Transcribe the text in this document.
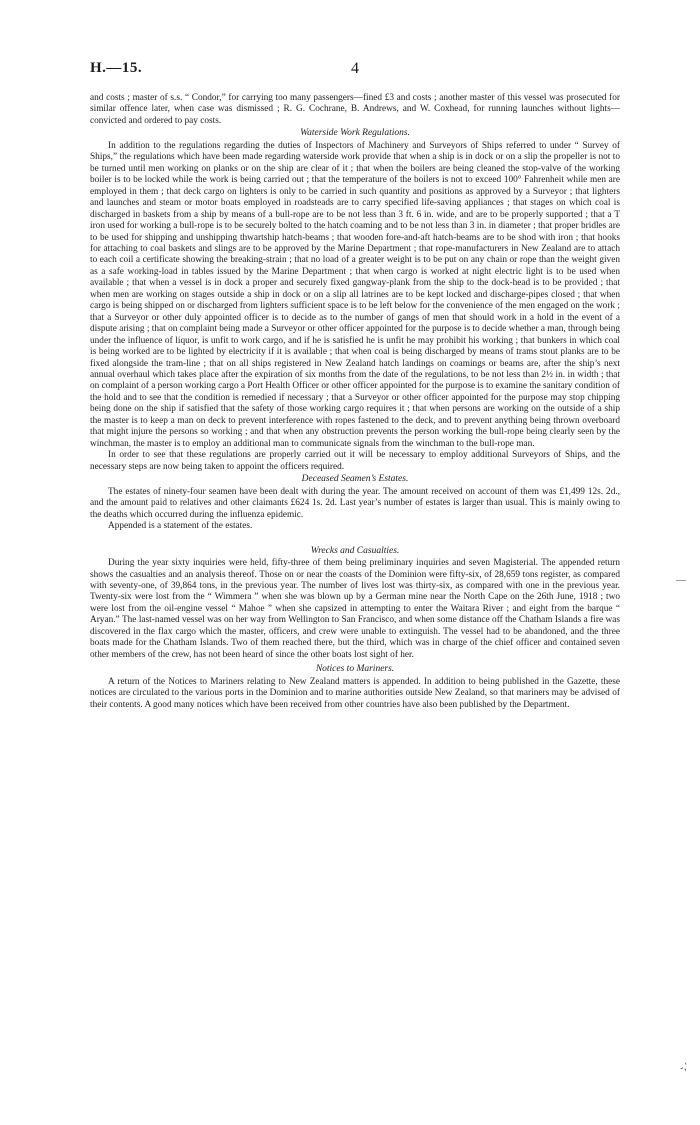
H.—15.	4

and costs ; master of s.s. “ Condor,” for carrying too many passengers—fined £3 and costs ; another master of this vessel was prosecuted for similar offence later, when case was dismissed ; R. G. Cochrane, B. Andrews, and W. Coxhead, for running launches without lights—convicted and ordered to pay costs.

Waterside Work Regulations.

In addition to the regulations regarding the duties of Inspectors of Machinery and Surveyors of Ships referred to under “ Survey of Ships,” the regulations which have been made regarding waterside work provide that when a ship is in dock or on a slip the propeller is not to be turned until men working on planks or on the ship are clear of it ; that when the boilers are being cleaned the stop-valve of the working boiler is to be locked while the work is being carried out ; that the temperature of the boilers is not to exceed 100° Fahrenheit while men are employed in them ; that deck cargo on lighters is only to be carried in such quantity and positions as approved by a Surveyor ; that lighters and launches and steam or motor boats employed in roadsteads are to carry specified life-saving appliances ; that stages on which coal is discharged in baskets from a ship by means of a bull-rope are to be not less than 3 ft. 6 in. wide, and are to be properly supported ; that a T iron used for working a bull-rope is to be securely bolted to the hatch coaming and to be not less than 3 in. in diameter ; that proper bridles are to be used for shipping and unshipping thwartship hatch-beams ; that wooden fore-and-aft hatch-beams are to be shod with iron ; that hooks for attaching to coal baskets and slings are to be approved by the Marine Department ; that rope-manufacturers in New Zealand are to attach to each coil a certificate showing the breaking-strain ; that no load of a greater weight is to be put on any chain or rope than the weight given as a safe working-load in tables issued by the Marine Department ; that when cargo is worked at night electric light is to be used when available ; that when a vessel is in dock a proper and securely fixed gangway-plank from the ship to the dock-head is to be provided ; that when men are working on stages outside a ship in dock or on a slip all latrines are to be kept locked and discharge-pipes closed ; that when cargo is being shipped on or discharged from lighters sufficient space is to be left below for the convenience of the men engaged on the work ; that a Surveyor or other duly appointed officer is to decide as to the number of gangs of men that should work in a hold in the event of a dispute arising ; that on complaint being made a Surveyor or other officer appointed for the purpose is to decide whether a man, through being under the influence of liquor, is unfit to work cargo, and if he is satisfied he is unfit he may prohibit his working ; that bunkers in which coal is being worked are to be lighted by electricity if it is available ; that when coal is being discharged by means of trams stout planks are to be fixed alongside the tram-line ; that on all ships registered in New Zealand hatch landings on coamings or beams are, after the ship’s next annual overhaul which takes place after the expiration of six months from the date of the regulations, to be not less than 2½ in. in width ; that on complaint of a person working cargo a Port Health Officer or other officer appointed for the purpose is to examine the sanitary condition of the hold and to see that the condition is remedied if necessary ; that a Surveyor or other officer appointed for the purpose may stop chipping being done on the ship if satisfied that the safety of those working cargo requires it ; that when persons are working on the outside of a ship the master is to keep a man on deck to prevent interference with ropes fastened to the deck, and to prevent anything being thrown overboard that might injure the persons so working ; and that when any obstruction prevents the person working the bull-rope being clearly seen by the winchman, the master is to employ an additional man to communicate signals from the winchman to the bull-rope man.

In order to see that these regulations are properly carried out it will be necessary to employ additional Surveyors of Ships, and the necessary steps are now being taken to appoint the officers required.

Deceased Seamen’s Estates.

The estates of ninety-four seamen have been dealt with during the year. The amount received on account of them was £1,499 12s. 2d., and the amount paid to relatives and other claimants £624 1s. 2d. Last year’s number of estates is larger than usual. This is mainly owing to the deaths which occurred during the influenza epidemic.

Appended is a statement of the estates.

Wrecks and Casualties.

During the year sixty inquiries were held, fifty-three of them being preliminary inquiries and seven Magisterial. The appended return shows the casualties and an analysis thereof. Those on or near the coasts of the Dominion were fifty-six, of 28,659 tons register, as compared with seventy-one, of 39,864 tons, in the previous year. The number of lives lost was thirty-six, as compared with one in the previous year. Twenty-six were lost from the “ Wimmera ” when she was blown up by a German mine near the North Cape on the 26th June, 1918 ; two were lost from the oil-engine vessel “ Mahoe ” when she capsized in attempting to enter the Waitara River ; and eight from the barque “ Aryan.” The last-named vessel was on her way from Wellington to San Francisco, and when some distance off the Chatham Islands a fire was discovered in the flax cargo which the master, officers, and crew were unable to extinguish. The vessel had to be abandoned, and the three boats made for the Chatham Islands. Two of them reached there, but the third, which was in charge of the chief officer and contained seven other members of the crew, has not been heard of since the other boats lost sight of her.

Notices to Mariners.

A return of the Notices to Mariners relating to New Zealand matters is appended. In addition to being published in the Gazette, these notices are circulated to the various ports in the Dominion and to marine authorities outside New Zealand, so that mariners may be advised of their contents. A good many notices which have been received from other countries have also been published by the Department.

—
-,'
